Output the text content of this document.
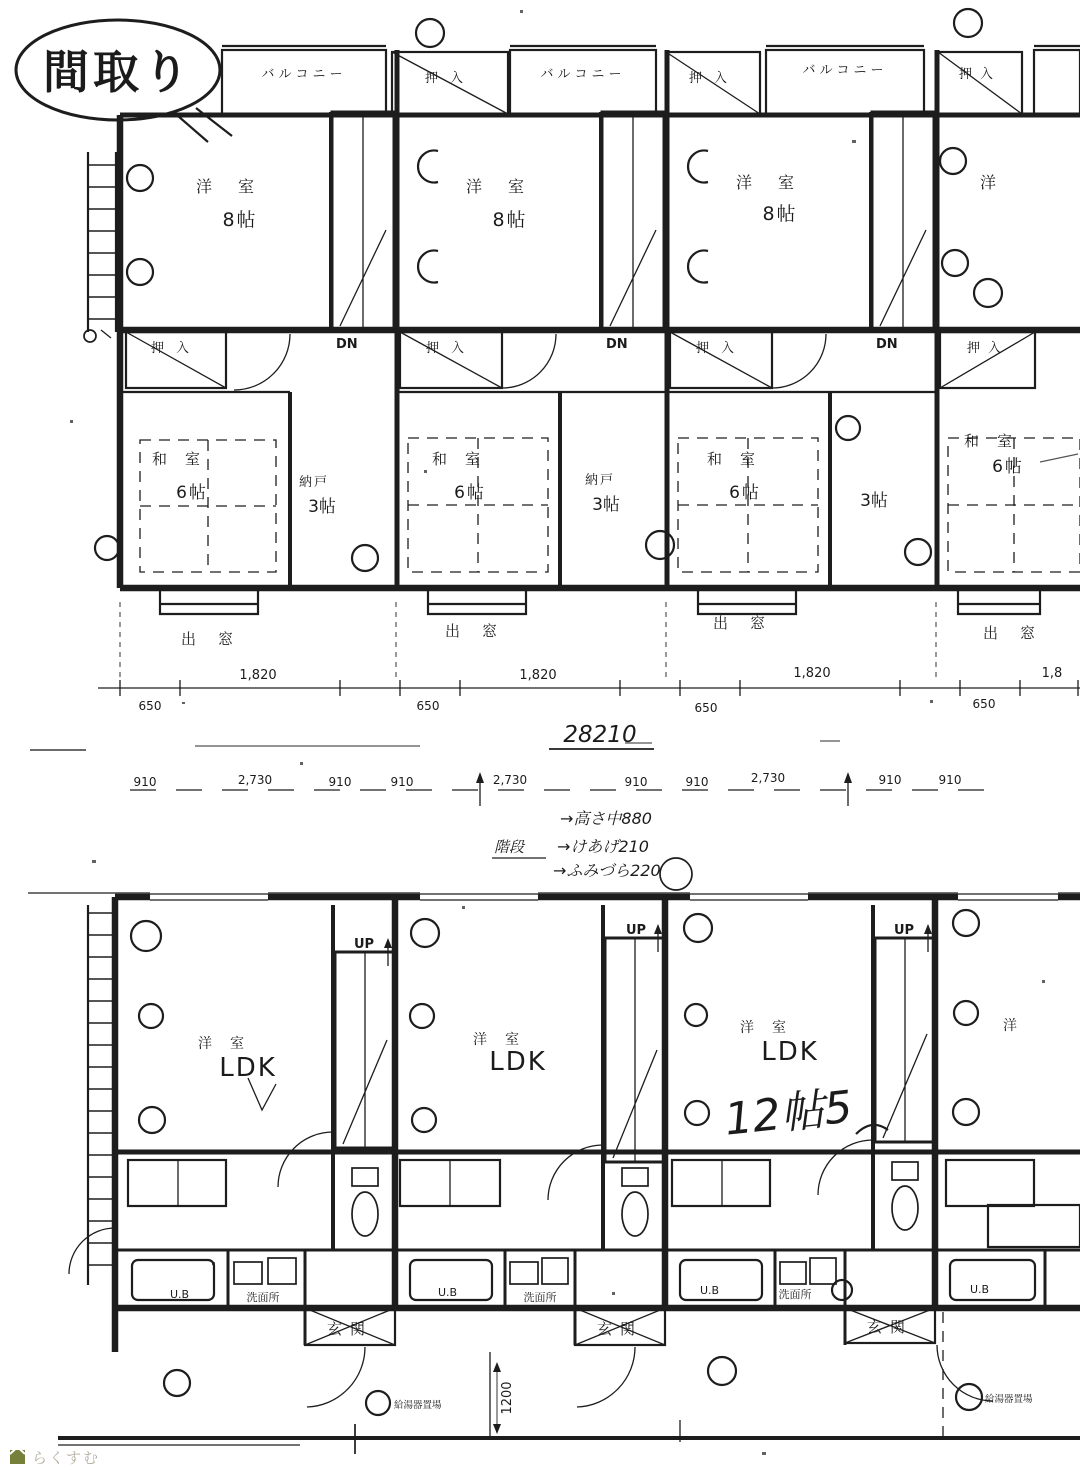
間取り	バルコニー	バルコニー	バルコニー
押入	押入	押入
DN	DN	DN
洋室
8帖
洋室
8帖
洋室
8帖
洋
押入	押入	押入	押入
和室
6帖
和室
6帖
和室
6帖
和室
6帖
納戸
3帖
納戸
3帖	3帖
出窓	出窓	出窓
出窓
1,820	1,820	1,820	1,8
650	650	650	650
28210
910	2,730	910	910	2,730	910	910	2,730	910	910
→高さ中880
階段 →けあげ210
→ふみづら220
UP
UP	UP
洋室
LDK
洋室
LDK
洋室
LDK
洋
12帖5
U.B	U.B	U.B	U.B
洗面所	洗面所	洗面所
玄関	玄関	玄関
給湯器置場
給湯器置場
1200
らくすむ
